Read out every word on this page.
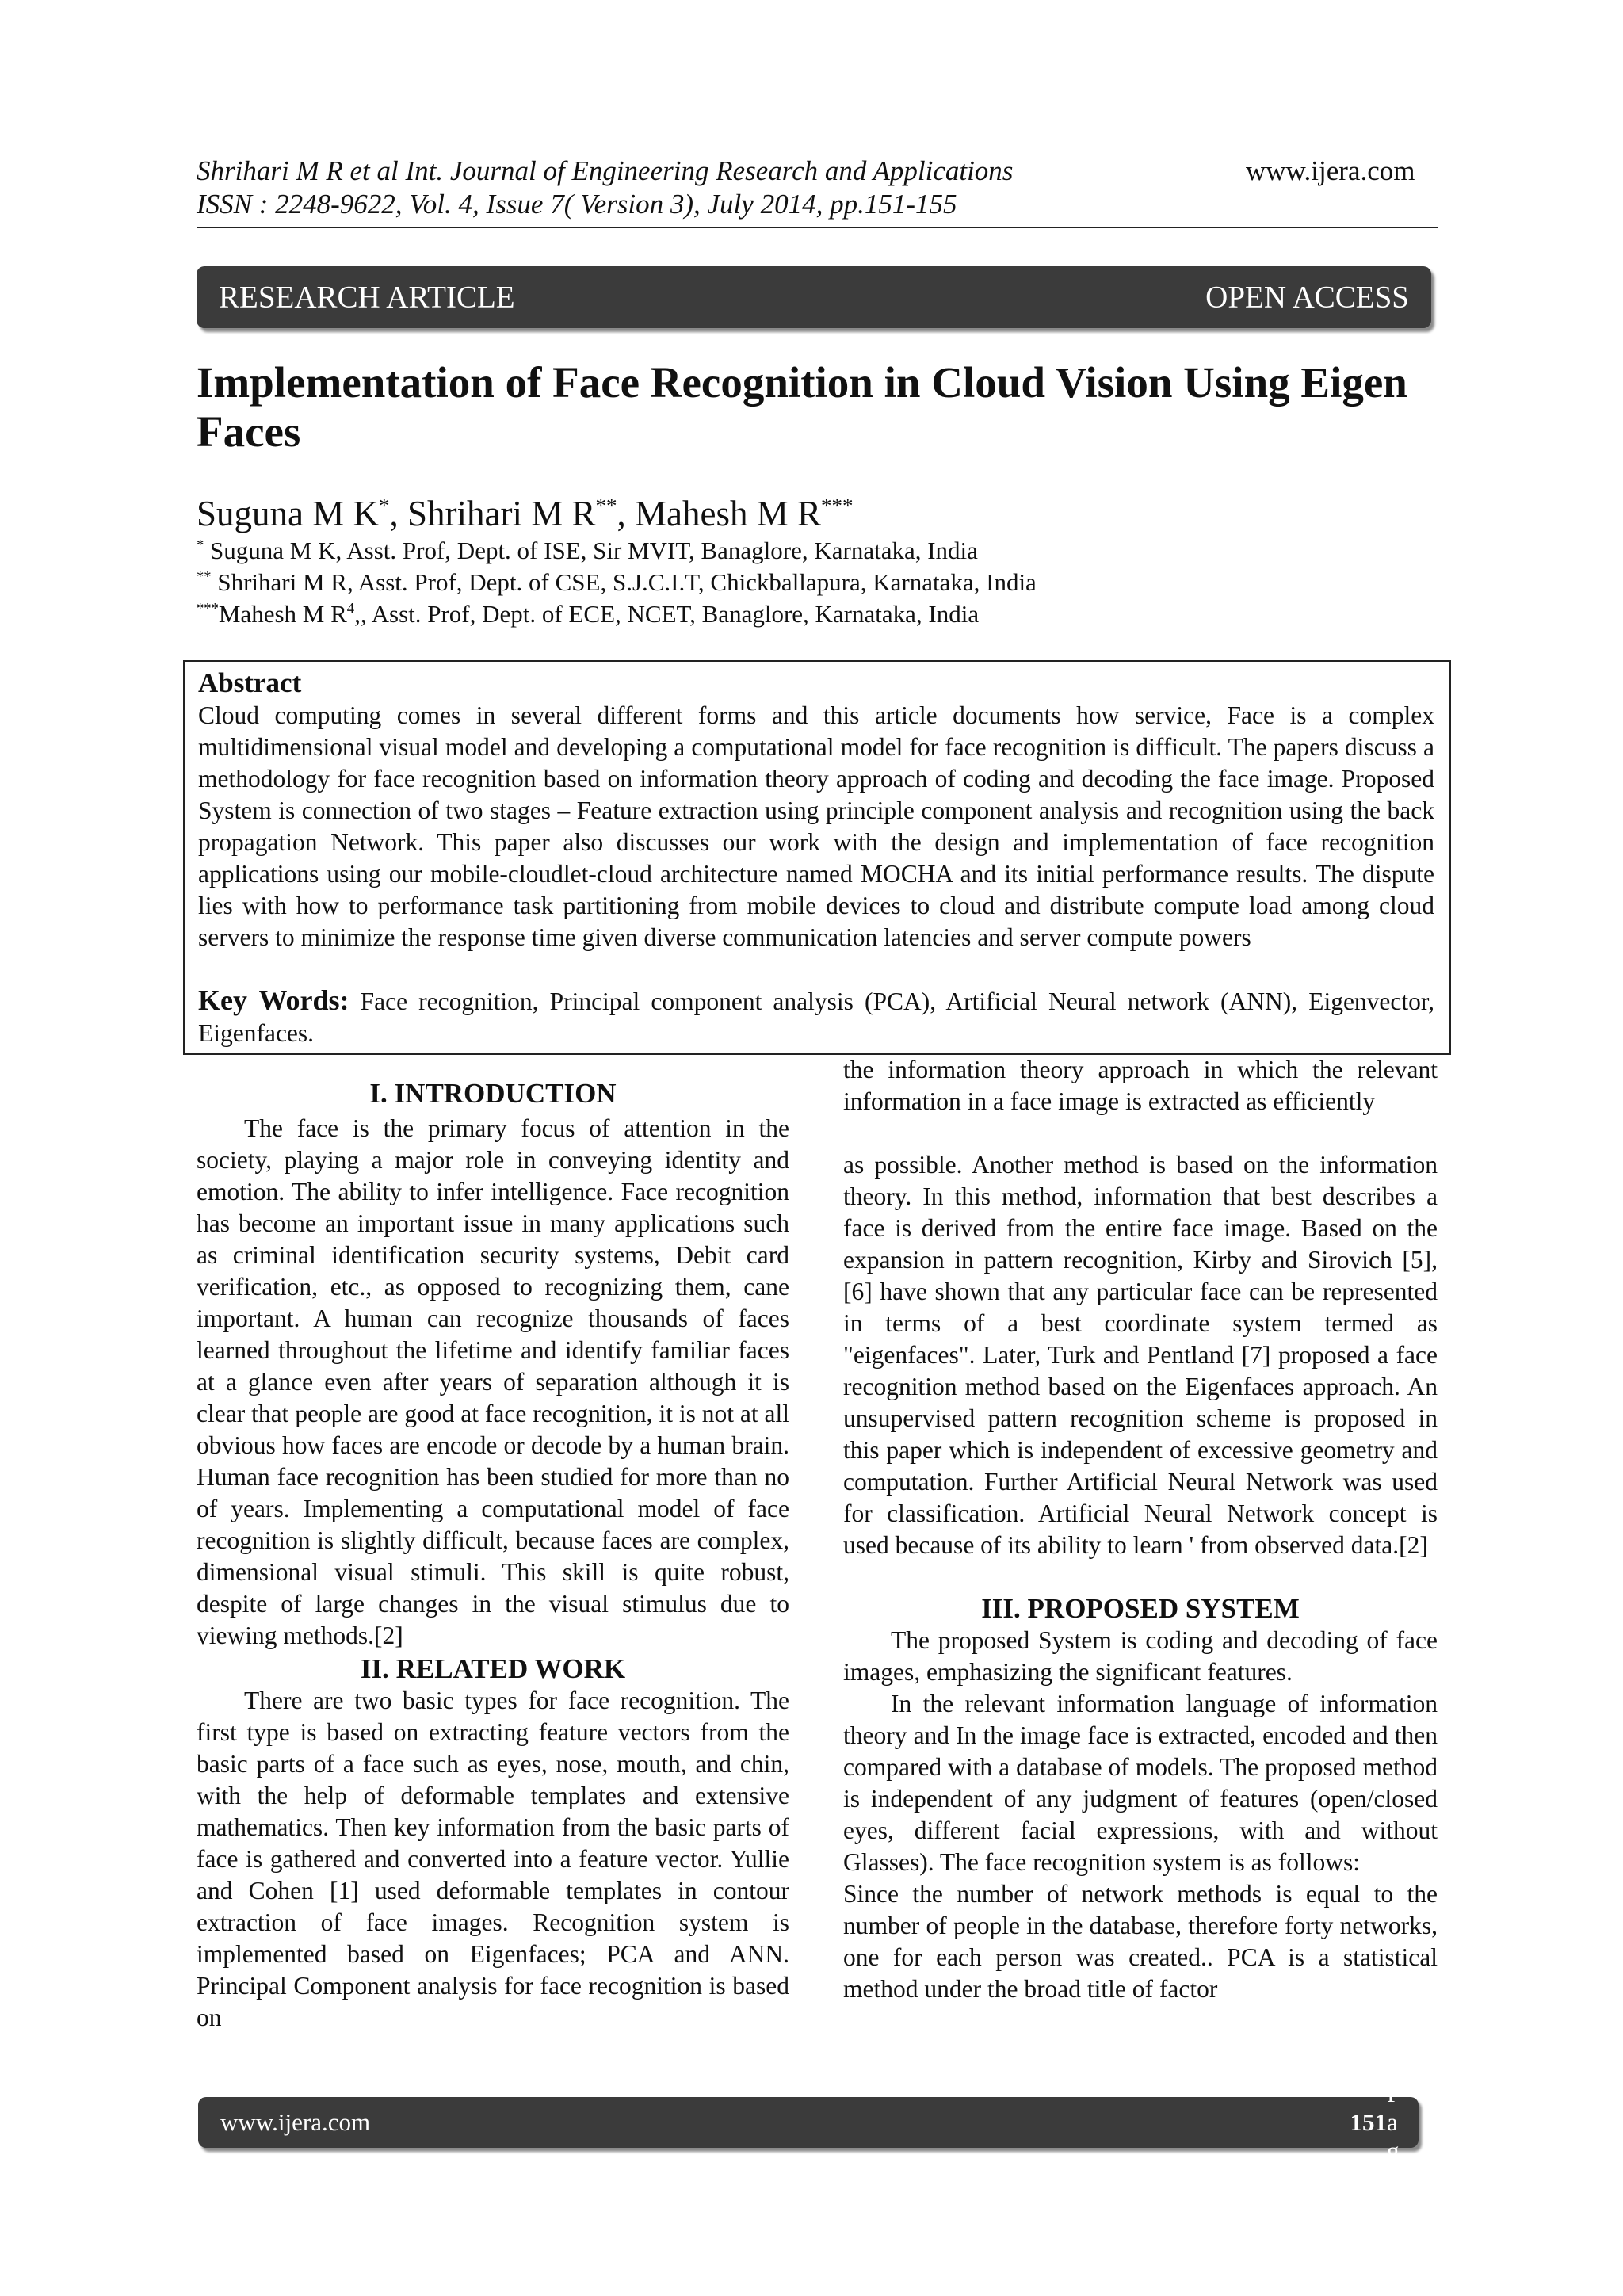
Shrihari M R et al Int. Journal of Engineering Research and Applications
ISSN : 2248-9622, Vol. 4, Issue 7( Version 3), July 2014, pp.151-155
www.ijera.com
RESEARCH ARTICLE	OPEN ACCESS
Implementation of Face Recognition in Cloud Vision Using Eigen Faces
Suguna M K*, Shrihari M R**, Mahesh M R***
* Suguna M K, Asst. Prof, Dept. of ISE, Sir MVIT, Banaglore, Karnataka, India
** Shrihari M R, Asst. Prof, Dept. of CSE, S.J.C.I.T, Chickballapura, Karnataka, India
***Mahesh M $R^4$,, Asst. Prof, Dept. of ECE, NCET, Banaglore, Karnataka, India
Abstract
Cloud computing comes in several different forms and this article documents how service, Face is a complex multidimensional visual model and developing a computational model for face recognition is difficult. The papers discuss a methodology for face recognition based on information theory approach of coding and decoding the face image. Proposed System is connection of two stages – Feature extraction using principle component analysis and recognition using the back propagation Network. This paper also discusses our work with the design and implementation of face recognition applications using our mobile-cloudlet-cloud architecture named MOCHA and its initial performance results. The dispute lies with how to performance task partitioning from mobile devices to cloud and distribute compute load among cloud servers to minimize the response time given diverse communication latencies and server compute powers
Key Words: Face recognition, Principal component analysis (PCA), Artificial Neural network (ANN), Eigenvector, Eigenfaces.
I. INTRODUCTION

The face is the primary focus of attention in the society, playing a major role in conveying identity and emotion. The ability to infer intelligence. Face recognition has become an important issue in many applications such as criminal identification security systems, Debit card verification, etc., as opposed to recognizing them, cane important. A human can recognize thousands of faces learned throughout the lifetime and identify familiar faces at a glance even after years of separation although it is clear that people are good at face recognition, it is not at all obvious how faces are encode or decode by a human brain. Human face recognition has been studied for more than no of years. Implementing a computational model of face recognition is slightly difficult, because faces are complex, dimensional visual stimuli. This skill is quite robust, despite of large changes in the visual stimulus due to viewing methods.[2]

II. RELATED WORK

There are two basic types for face recognition. The first type is based on extracting feature vectors from the basic parts of a face such as eyes, nose, mouth, and chin, with the help of deformable templates and extensive mathematics. Then key information from the basic parts of face is gathered and converted into a feature vector. Yullie and Cohen [1] used deformable templates in contour extraction of face images. Recognition system is implemented based on Eigenfaces; PCA and ANN. Principal Component analysis for face recognition is based on

the information theory approach in which the relevant information in a face image is extracted as efficiently

as possible. Another method is based on the information theory. In this method, information that best describes a face is derived from the entire face image. Based on the expansion in pattern recognition, Kirby and Sirovich [5], [6] have shown that any particular face can be represented in terms of a best coordinate system termed as "eigenfaces". Later, Turk and Pentland [7] proposed a face recognition method based on the Eigenfaces approach. An unsupervised pattern recognition scheme is proposed in this paper which is independent of excessive geometry and computation. Further Artificial Neural Network was used for classification. Artificial Neural Network concept is used because of its ability to learn ' from observed data.[2]

III. PROPOSED SYSTEM

The proposed System is coding and decoding of face images, emphasizing the significant features.

In the relevant information language of information theory and In the image face is extracted, encoded and then compared with a database of models. The proposed method is independent of any judgment of features (open/closed eyes, different facial expressions, with and without Glasses). The face recognition system is as follows:

Since the number of network methods is equal to the number of people in the database, therefore forty networks, one for each person was created.. PCA is a statistical method under the broad title of factor

www.ijera.com	151
| P a g e
